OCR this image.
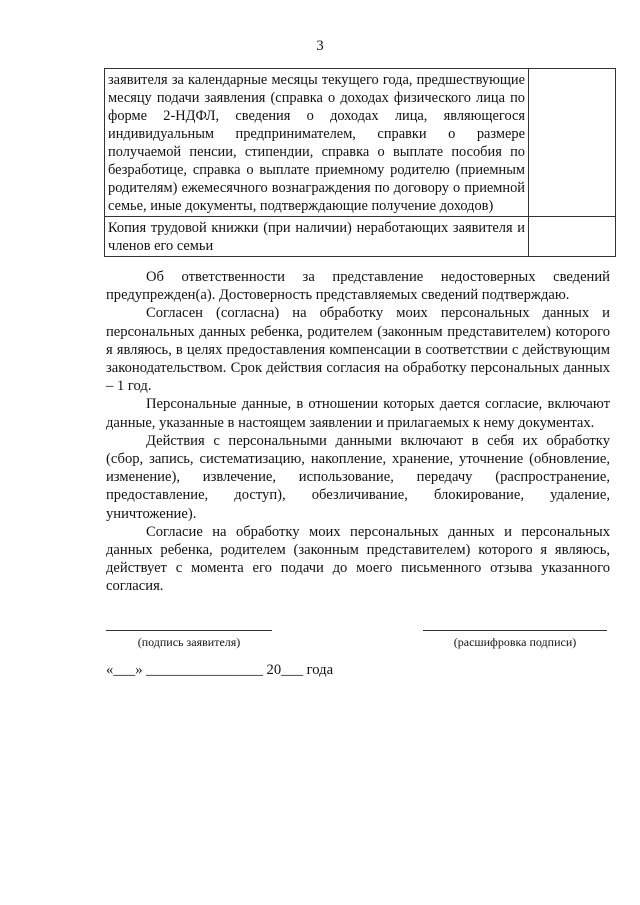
3
заявителя за календарные месяцы текущего года, предшествующие месяцу подачи заявления (справка о доходах физического лица по форме 2-НДФЛ, сведения о доходах лица, являющегося индивидуальным предпринимателем, справки о размере получаемой пенсии, стипендии, справка о выплате пособия по безработице, справка о выплате приемному родителю (приемным родителям) ежемесячного вознаграждения по договору о приемной семье, иные документы, подтверждающие получение доходов)	
Копия трудовой книжки (при наличии) неработающих заявителя и членов его семьи	

Об ответственности за представление недостоверных сведений предупрежден(а). Достоверность представляемых сведений подтверждаю.

Согласен (согласна) на обработку моих персональных данных и персональных данных ребенка, родителем (законным представителем) которого я являюсь, в целях предоставления компенсации в соответствии с действующим законодательством. Срок действия согласия на обработку персональных данных – 1 год.

Персональные данные, в отношении которых дается согласие, включают данные, указанные в настоящем заявлении и прилагаемых к нему документах.

Действия с персональными данными включают в себя их обработку (сбор, запись, систематизацию, накопление, хранение, уточнение (обновление, изменение), извлечение, использование, передачу (распространение, предоставление, доступ), обезличивание, блокирование, удаление, уничтожение).

Согласие на обработку моих персональных данных и персональных данных ребенка, родителем (законным представителем) которого я являюсь, действует с момента его подачи до моего письменного отзыва указанного согласия.

(подпись заявителя)	(расшифровка подписи)
«___» ________________ 20___ года
